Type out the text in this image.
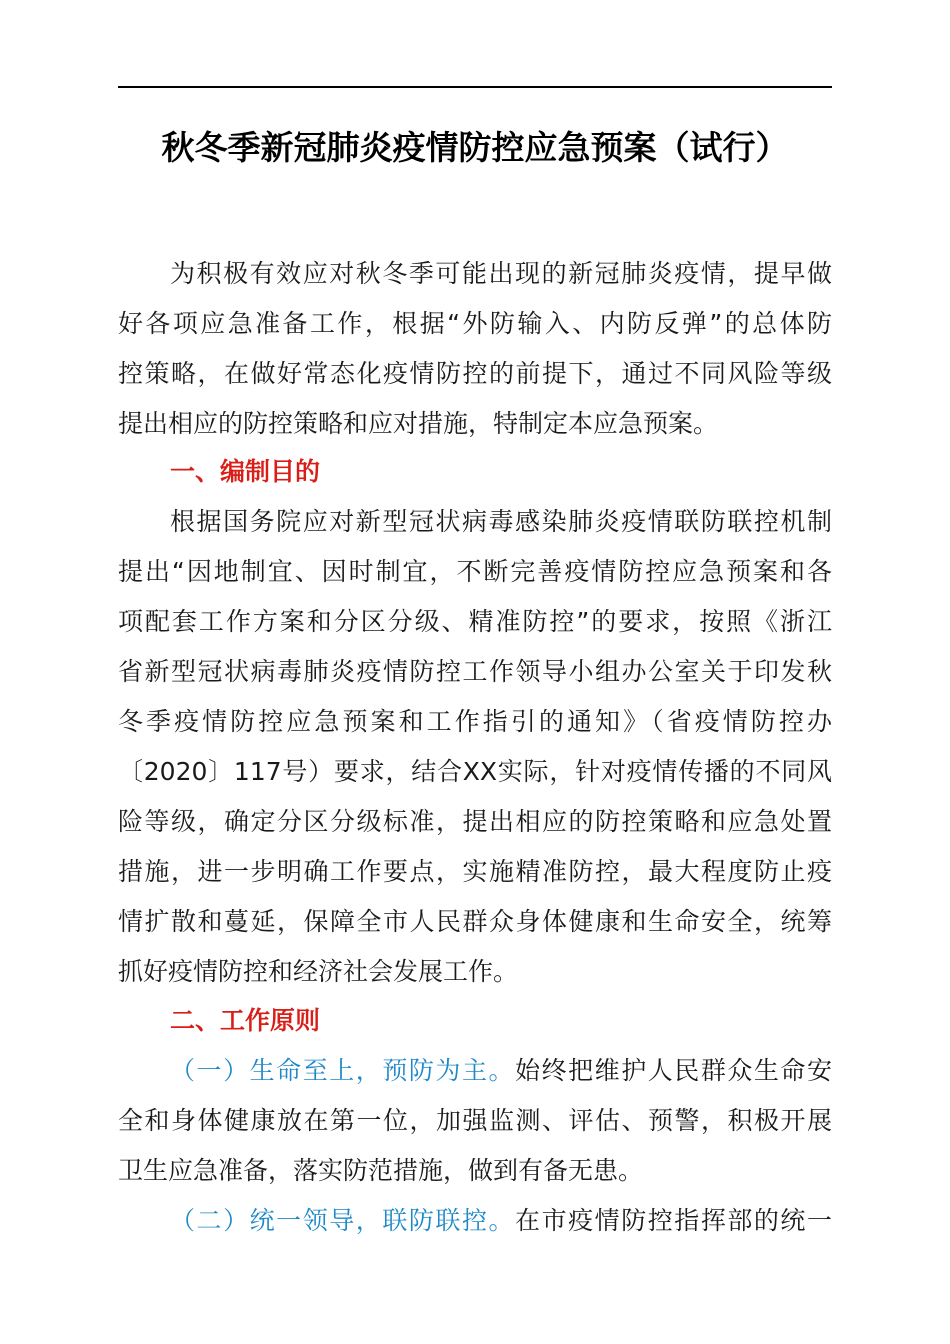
秋冬季新冠肺炎疫情防控应急预案（试行）
为积极有效应对秋冬季可能出现的新冠肺炎疫情，提早做
好各项应急准备工作，根据“外防输入、内防反弹”的总体防
控策略，在做好常态化疫情防控的前提下，通过不同风险等级
提出相应的防控策略和应对措施，特制定本应急预案。
一、编制目的
根据国务院应对新型冠状病毒感染肺炎疫情联防联控机制
提出“因地制宜、因时制宜，不断完善疫情防控应急预案和各
项配套工作方案和分区分级、精准防控”的要求，按照《浙江
省新型冠状病毒肺炎疫情防控工作领导小组办公室关于印发秋
冬季疫情防控应急预案和工作指引的通知》（省疫情防控办
〔2020〕117号）要求，结合XX实际，针对疫情传播的不同风
险等级，确定分区分级标准，提出相应的防控策略和应急处置
措施，进一步明确工作要点，实施精准防控，最大程度防止疫
情扩散和蔓延，保障全市人民群众身体健康和生命安全，统筹
抓好疫情防控和经济社会发展工作。
二、工作原则
（一）生命至上，预防为主。始终把维护人民群众生命安
全和身体健康放在第一位，加强监测、评估、预警，积极开展
卫生应急准备，落实防范措施，做到有备无患。
（二）统一领导，联防联控。在市疫情防控指挥部的统一
